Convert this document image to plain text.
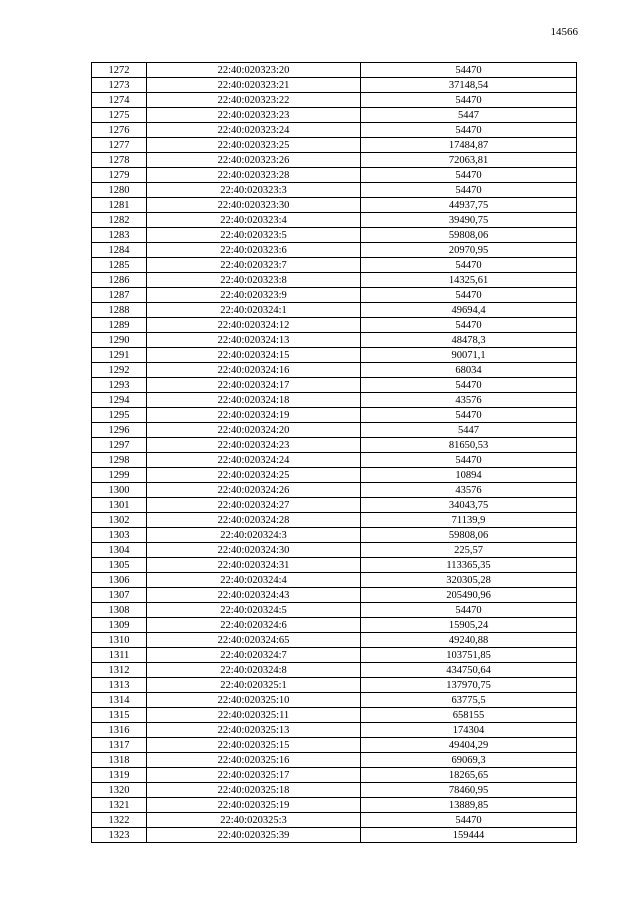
14566
1272	22:40:020323:20	54470
1273	22:40:020323:21	37148,54
1274	22:40:020323:22	54470
1275	22:40:020323:23	5447
1276	22:40:020323:24	54470
1277	22:40:020323:25	17484,87
1278	22:40:020323:26	72063,81
1279	22:40:020323:28	54470
1280	22:40:020323:3	54470
1281	22:40:020323:30	44937,75
1282	22:40:020323:4	39490,75
1283	22:40:020323:5	59808,06
1284	22:40:020323:6	20970,95
1285	22:40:020323:7	54470
1286	22:40:020323:8	14325,61
1287	22:40:020323:9	54470
1288	22:40:020324:1	49694,4
1289	22:40:020324:12	54470
1290	22:40:020324:13	48478,3
1291	22:40:020324:15	90071,1
1292	22:40:020324:16	68034
1293	22:40:020324:17	54470
1294	22:40:020324:18	43576
1295	22:40:020324:19	54470
1296	22:40:020324:20	5447
1297	22:40:020324:23	81650,53
1298	22:40:020324:24	54470
1299	22:40:020324:25	10894
1300	22:40:020324:26	43576
1301	22:40:020324:27	34043,75
1302	22:40:020324:28	71139,9
1303	22:40:020324:3	59808,06
1304	22:40:020324:30	225,57
1305	22:40:020324:31	113365,35
1306	22:40:020324:4	320305,28
1307	22:40:020324:43	205490,96
1308	22:40:020324:5	54470
1309	22:40:020324:6	15905,24
1310	22:40:020324:65	49240,88
1311	22:40:020324:7	103751,85
1312	22:40:020324:8	434750,64
1313	22:40:020325:1	137970,75
1314	22:40:020325:10	63775,5
1315	22:40:020325:11	658155
1316	22:40:020325:13	174304
1317	22:40:020325:15	49404,29
1318	22:40:020325:16	69069,3
1319	22:40:020325:17	18265,65
1320	22:40:020325:18	78460,95
1321	22:40:020325:19	13889,85
1322	22:40:020325:3	54470
1323	22:40:020325:39	159444
